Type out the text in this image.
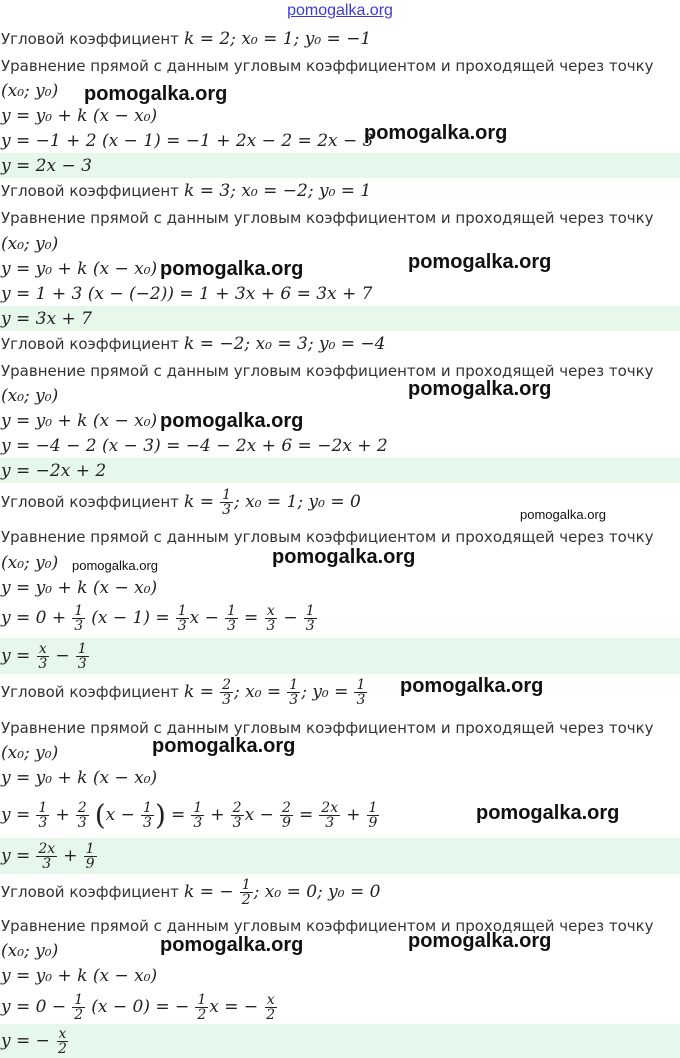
pomogalka.org
Угловой коэффициент k = 2; x₀ = 1; y₀ = −1
Уравнение прямой с данным угловым коэффициентом и проходящей через точку
(x₀; y₀)
y = y₀ + k (x − x₀)
y = −1 + 2 (x − 1) = −1 + 2x − 2 = 2x − 3
y = 2x − 3
Угловой коэффициент k = 3; x₀ = −2; y₀ = 1
Уравнение прямой с данным угловым коэффициентом и проходящей через точку
(x₀; y₀)
y = y₀ + k (x − x₀)
y = 1 + 3 (x − (−2)) = 1 + 3x + 6 = 3x + 7
y = 3x + 7
Угловой коэффициент k = −2; x₀ = 3; y₀ = −4
Уравнение прямой с данным угловым коэффициентом и проходящей через точку
(x₀; y₀)
y = y₀ + k (x − x₀)
y = −4 − 2 (x − 3) = −4 − 2x + 6 = −2x + 2
y = −2x + 2
Угловой коэффициент $k = \frac{1}{3}$ ; x₀ = 1; y₀ = 0
Уравнение прямой с данным угловым коэффициентом и проходящей через точку
(x₀; y₀)
y = y₀ + k (x − x₀)
$y = 0 + \frac{1}{3} (x - 1) = \frac{1}{3}$ $x - \frac{1}{3} = \frac{x}{3} - \frac{1}{3}$
$y = \frac{x}{3} - \frac{1}{3}$
Угловой коэффициент $k = \frac{2}{3}$ ; $x_0 = \frac{1}{3}$ ; $y_0 = \frac{1}{3}$
Уравнение прямой с данным угловым коэффициентом и проходящей через точку
(x₀; y₀)
y = y₀ + k (x − x₀)
$y = \frac{1}{3} + \frac{2}{3} (x - \frac{1}{3}$ ) = $\frac{1}{3} + \frac{2}{3}$ $x - \frac{2}{9} = \frac{2x}{3} + \frac{1}{9}$
$y = \frac{2x}{3} + \frac{1}{9}$
Угловой коэффициент k = − $\frac{1}{2}$ ; x₀ = 0; y₀ = 0
Уравнение прямой с данным угловым коэффициентом и проходящей через точку
(x₀; y₀)
y = y₀ + k (x − x₀)
$y = 0 - \frac{1}{2} (x - 0)$ = − $\frac{1}{2}$ x = − $\frac{x}{2}$
y = − $\frac{x}{2}$
pomogalka.org
pomogalka.org
pomogalka.org
pomogalka.org
pomogalka.org
pomogalka.org
pomogalka.org
pomogalka.org
pomogalka.org
pomogalka.org
pomogalka.org
pomogalka.org
pomogalka.org	pomogalka.org
